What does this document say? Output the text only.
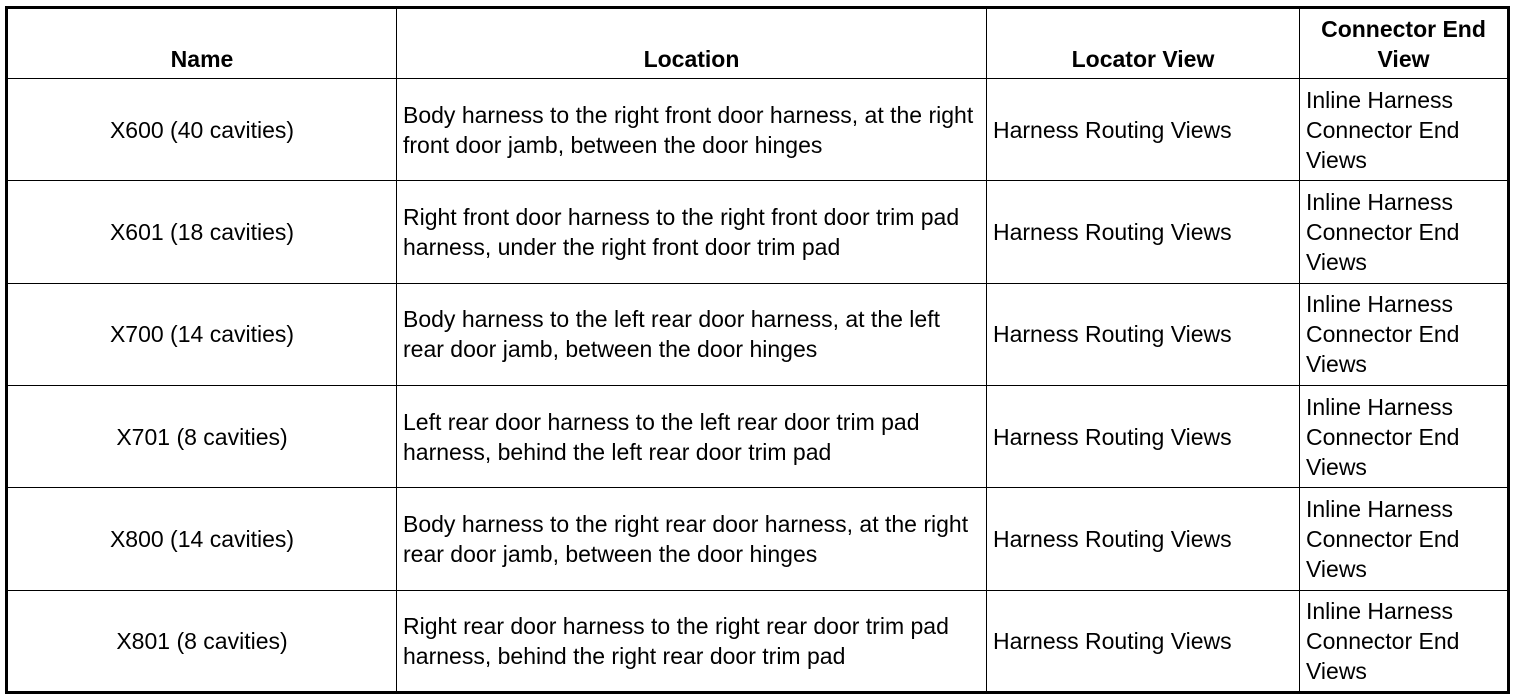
Name	Location	Locator View	Connector End View
X600 (40 cavities)	Body harness to the right front door harness, at the right front door jamb, between the door hinges	Harness Routing Views	Inline Harness Connector End Views
X601 (18 cavities)	Right front door harness to the right front door trim pad harness, under the right front door trim pad	Harness Routing Views	Inline Harness Connector End Views
X700 (14 cavities)	Body harness to the left rear door harness, at the left rear door jamb, between the door hinges	Harness Routing Views	Inline Harness Connector End Views
X701 (8 cavities)	Left rear door harness to the left rear door trim pad harness, behind the left rear door trim pad	Harness Routing Views	Inline Harness Connector End Views
X800 (14 cavities)	Body harness to the right rear door harness, at the right rear door jamb, between the door hinges	Harness Routing Views	Inline Harness Connector End Views
X801 (8 cavities)	Right rear door harness to the right rear door trim pad harness, behind the right rear door trim pad	Harness Routing Views	Inline Harness Connector End Views
